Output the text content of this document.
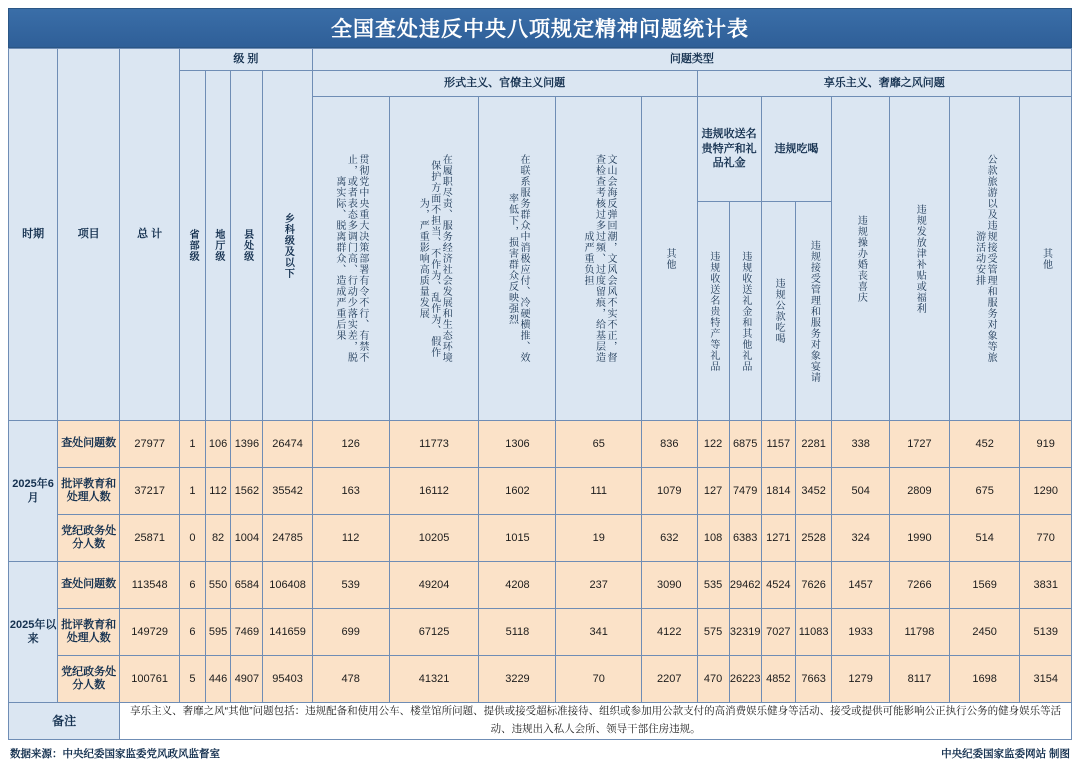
全国查处违反中央八项规定精神问题统计表
时期	项目	总 计	级 别				问题类型												

省部级	地厅级	县处级	乡科级及以下	形式主义、官僚主义问题					享乐主义、奢靡之风问题							

贯彻党中央重大决策部署有令不行、有禁不止，或者表态多调门高、行动少落实差，脱离实际、脱离群众、造成严重后果	在履职尽责、服务经济社会发展和生态环境保护方面不担当、不作为、乱作为、假作为，严重影响高质量发展	在联系服务群众中消极应付、冷硬横推、效率低下，损害群众反映强烈	文山会海反弹回潮，文风会风不实不正，督查检查考核过多过频、过度留痕，给基层造成严重负担	其他	违规收送名贵特产和礼品礼金		违规吃喝		违规操办婚丧喜庆	违规发放津补贴或福利	公款旅游以及违规接受管理和服务对象等旅游活动安排	其他

违规收送名贵特产等礼品	违规收送礼金和其他礼品	违规公款吃喝	违规接受管理和服务对象宴请				

2025年6月	查处问题数	27977	1	106	1396	26474	126	11773	1306	65	836	122	6875	1157	2281	338	1727	452	919
	批评教育和处理人数	37217	1	112	1562	35542	163	16112	1602	111	1079	127	7479	1814	3452	504	2809	675	1290
	党纪政务处分人数	25871	0	82	1004	24785	112	10205	1015	19	632	108	6383	1271	2528	324	1990	514	770
2025年以来	查处问题数	113548	6	550	6584	106408	539	49204	4208	237	3090	535	29462	4524	7626	1457	7266	1569	3831
	批评教育和处理人数	149729	6	595	7469	141659	699	67125	5118	341	4122	575	32319	7027	11083	1933	11798	2450	5139
	党纪政务处分人数	100761	5	446	4907	95403	478	41321	3229	70	2207	470	26223	4852	7663	1279	8117	1698	3154
备注		享乐主义、奢靡之风“其他”问题包括：违规配备和使用公车、楼堂馆所问题、提供或接受超标准接待、组织或参加用公款支付的高消费娱乐健身等活动、接受或提供可能影响公正执行公务的健身娱乐等活动、违规出入私人会所、领导干部住房违规。																	
数据来源：中央纪委国家监委党风政风监督室	中央纪委国家监委网站 制图
